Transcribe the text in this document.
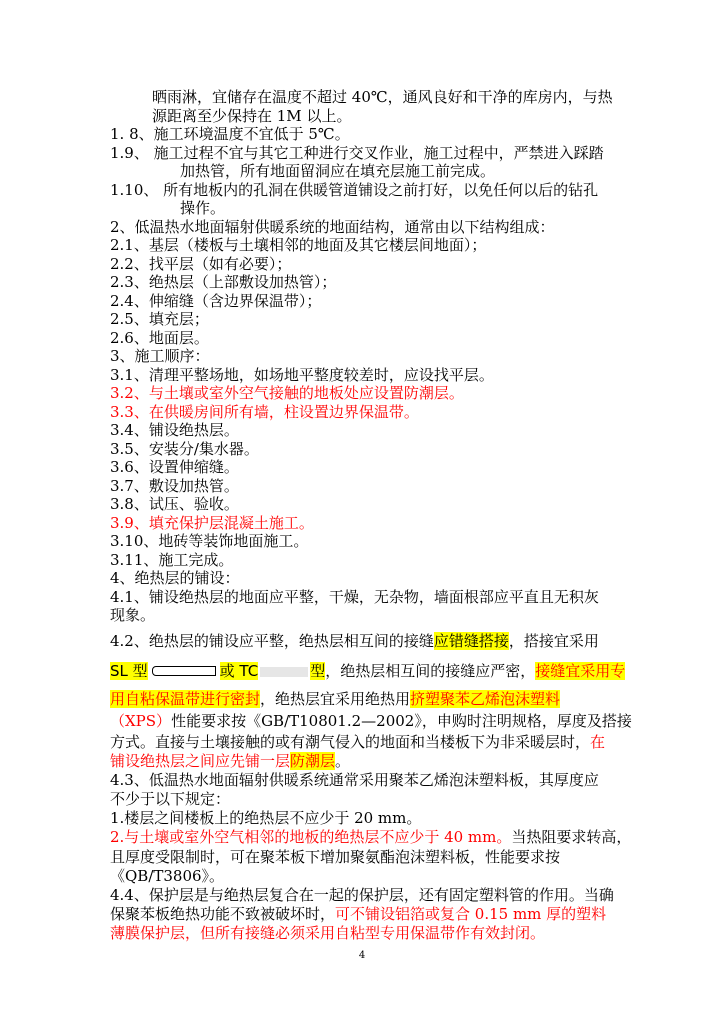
晒雨淋，宜储存在温度不超过 40℃，通风良好和干净的库房内，与热
源距离至少保持在 1M 以上。
1. 8、施工环境温度不宜低于 5℃。
1.9、 施工过程不宜与其它工种进行交叉作业，施工过程中，严禁进入踩踏
加热管，所有地面留洞应在填充层施工前完成。
1.10、 所有地板内的孔洞在供暖管道铺设之前打好，以免任何以后的钻孔
操作。
2、低温热水地面辐射供暖系统的地面结构，通常由以下结构组成：
2.1、基层（楼板与土壤相邻的地面及其它楼层间地面）；
2.2、找平层（如有必要）；
2.3、绝热层（上部敷设加热管）；
2.4、伸缩缝（含边界保温带）；
2.5、填充层；
2.6、地面层。
3、施工顺序：
3.1、清理平整场地，如场地平整度较差时，应设找平层。
3.2、与土壤或室外空气接触的地板处应设置防潮层。
3.3、在供暖房间所有墙，柱设置边界保温带。
3.4、铺设绝热层。
3.5、安装分/集水器。
3.6、设置伸缩缝。
3.7、敷设加热管。
3.8、试压、验收。
3.9、填充保护层混凝土施工。
3.10、地砖等装饰地面施工。
3.11、施工完成。
4、绝热层的铺设：
4.1、铺设绝热层的地面应平整，干燥，无杂物，墙面根部应平直且无积灰
现象。
4.2、绝热层的铺设应平整，绝热层相互间的接缝应错缝搭接，搭接宜采用
SL 型	或 TC	型，绝热层相互间的接缝应严密，接缝宜采用专
用自粘保温带进行密封，绝热层宜采用绝热用挤塑聚苯乙烯泡沫塑料
（XPS）性能要求按《GB/T10801.2—2002》，申购时注明规格，厚度及搭接
方式。直接与土壤接触的或有潮气侵入的地面和当楼板下为非采暖层时，在
铺设绝热层之间应先铺一层防潮层。
4.3、低温热水地面辐射供暖系统通常采用聚苯乙烯泡沫塑料板，其厚度应
不少于以下规定：
1.楼层之间楼板上的绝热层不应少于 20 mm。
2.与土壤或室外空气相邻的地板的绝热层不应少于 40 mm。当热阻要求转高，
且厚度受限制时，可在聚苯板下增加聚氨酯泡沫塑料板，性能要求按
《QB/T3806》。
4.4、保护层是与绝热层复合在一起的保护层，还有固定塑料管的作用。当确
保聚苯板绝热功能不致被破坏时，可不铺设铝箔或复合 0.15 mm 厚的塑料
薄膜保护层，但所有接缝必须采用自粘型专用保温带作有效封闭。
4
